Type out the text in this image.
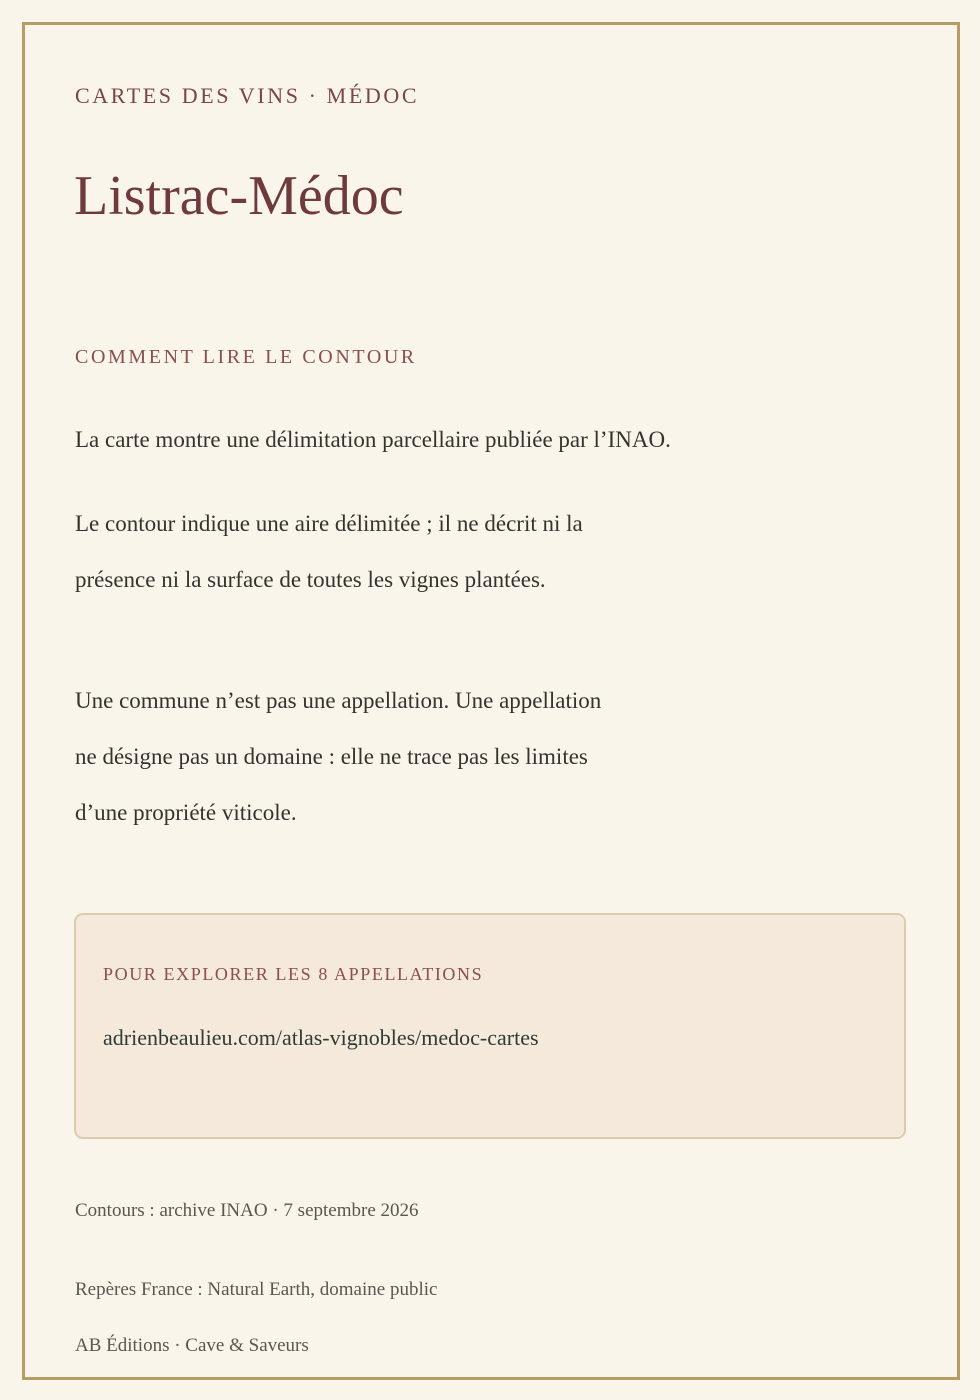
CARTES DES VINS · MÉDOC

Listrac-Médoc

COMMENT LIRE LE CONTOUR

La carte montre une délimitation parcellaire publiée par l’INAO.

Le contour indique une aire délimitée ; il ne décrit ni la
présence ni la surface de toutes les vignes plantées.

Une commune n’est pas une appellation. Une appellation
ne désigne pas un domaine : elle ne trace pas les limites
d’une propriété viticole.

POUR EXPLORER LES 8 APPELLATIONS

adrienbeaulieu.com/atlas-vignobles/medoc-cartes

Contours : archive INAO · 7 septembre 2026

Repères France : Natural Earth, domaine public

AB Éditions · Cave & Saveurs
